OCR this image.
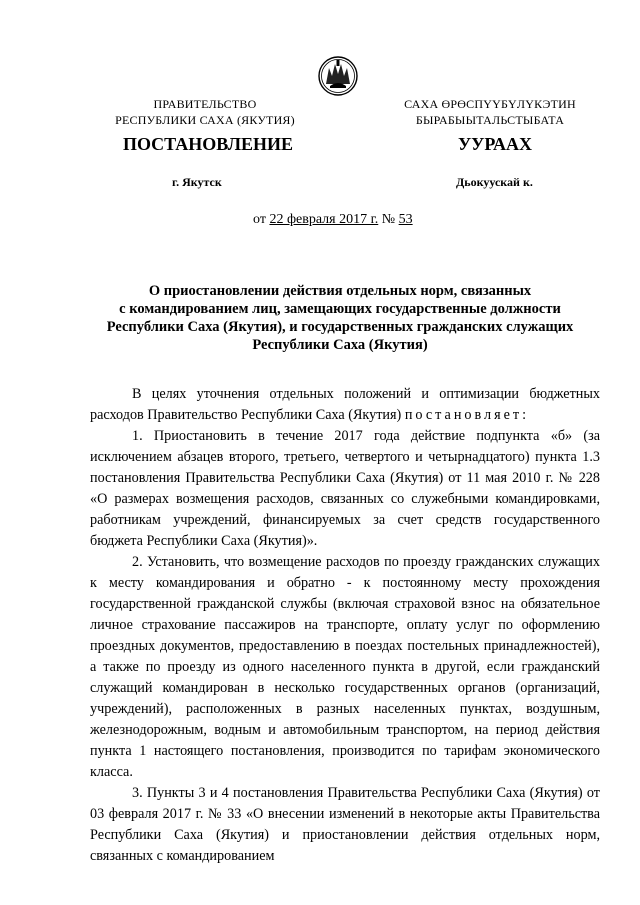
ПРАВИТЕЛЬСТВО
РЕСПУБЛИКИ САХА (ЯКУТИЯ)
САХА ӨРӨСПҮҮБҮЛҮКЭТИН
БЫРАБЫЫТАЛЬСТЫБАТА
ПОСТАНОВЛЕНИЕ	УУРААХ
г. Якутск	Дьокуускай к.
от 22 февраля 2017 г. № 53
О приостановлении действия отдельных норм, связанных
с командированием лиц, замещающих государственные должности
Республики Саха (Якутия), и государственных гражданских служащих
Республики Саха (Якутия)

В целях уточнения отдельных положений и оптимизации бюджетных расходов Правительство Республики Саха (Якутия) постановляет:

1. Приостановить в течение 2017 года действие подпункта «б» (за исключением абзацев второго, третьего, четвертого и четырнадцатого) пункта 1.3 постановления Правительства Республики Саха (Якутия) от 11 мая 2010 г. № 228 «О размерах возмещения расходов, связанных со служебными командировками, работникам учреждений, финансируемых за счет средств государственного бюджета Республики Саха (Якутия)».

2. Установить, что возмещение расходов по проезду гражданских служащих к месту командирования и обратно - к постоянному месту прохождения государственной гражданской службы (включая страховой взнос на обязательное личное страхование пассажиров на транспорте, оплату услуг по оформлению проездных документов, предоставлению в поездах постельных принадлежностей), а также по проезду из одного населенного пункта в другой, если гражданский служащий командирован в несколько государственных органов (организаций, учреждений), расположенных в разных населенных пунктах, воздушным, железнодорожным, водным и автомобильным транспортом, на период действия пункта 1 настоящего постановления, производится по тарифам экономического класса.

3. Пункты 3 и 4 постановления Правительства Республики Саха (Якутия) от 03 февраля 2017 г. № 33 «О внесении изменений в некоторые акты Правительства Республики Саха (Якутия) и приостановлении действия отдельных норм, связанных с командированием
